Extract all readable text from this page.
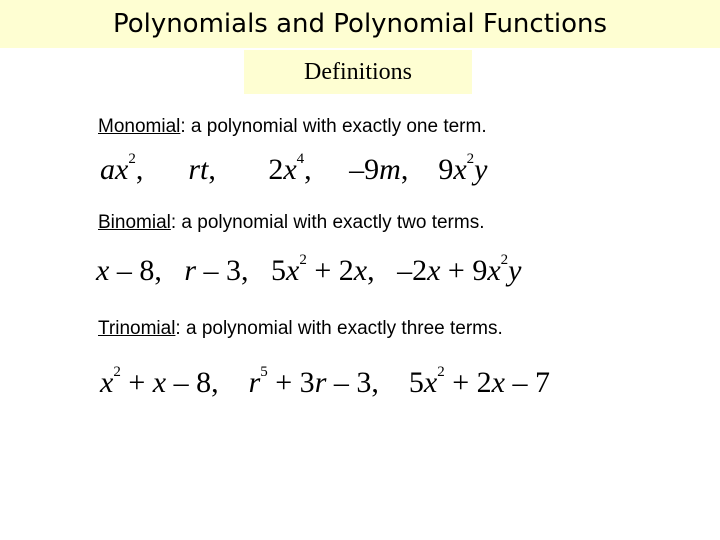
Polynomials and Polynomial Functions
Definitions
Monomial: a polynomial with exactly one term.
$ax^2$,      rt,       $2x^4$,     –9m,    $9x^2y$
Binomial: a polynomial with exactly two terms.
x – 8,   r – 3,   $5x^2 + 2x$,   $-2x + 9x^2y$
Trinomial: a polynomial with exactly three terms.
$x^2 + x - 8$,    $r^5 + 3r - 3$,    $5x^2 + 2x - 7$
